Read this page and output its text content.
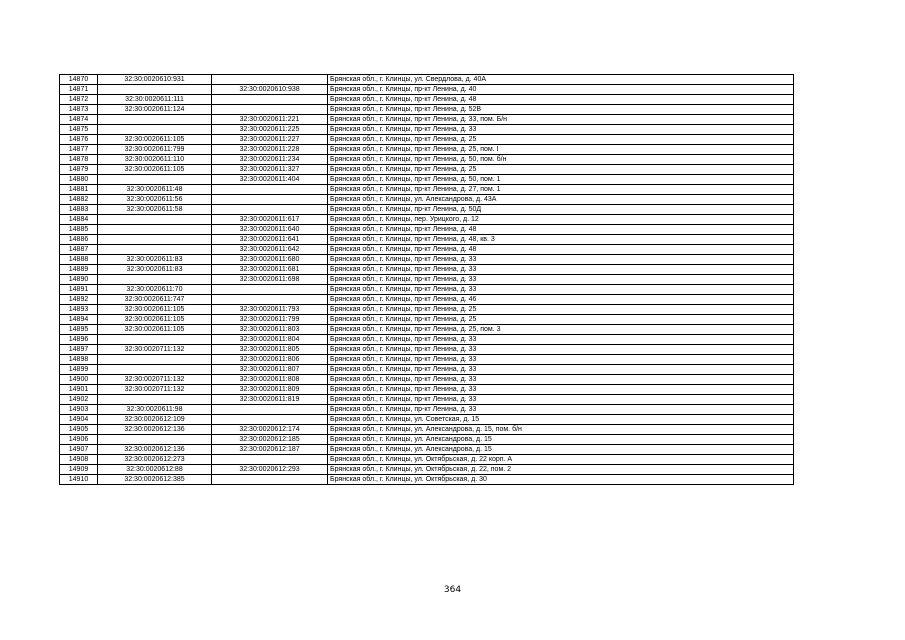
14870	32:30:0020610:931		Брянская обл., г. Клинцы, ул. Свердлова, д. 40А
14871		32:30:0020610:938	Брянская обл., г. Клинцы, пр-кт Ленина, д. 40
14872	32:30:0020611:111		Брянская обл., г. Клинцы, пр-кт Ленина, д. 48
14873	32:30:0020611:124		Брянская обл., г. Клинцы, пр-кт Ленина, д. 52В
14874		32:30:0020611:221	Брянская обл., г. Клинцы, пр-кт Ленина, д. 33, пом. Б/н
14875		32:30:0020611:225	Брянская обл., г. Клинцы, пр-кт Ленина, д. 33
14876	32:30:0020611:105	32:30:0020611:227	Брянская обл., г. Клинцы, пр-кт Ленина, д. 25
14877	32:30:0020611:799	32:30:0020611:228	Брянская обл., г. Клинцы, пр-кт Ленина, д. 25, пом. I
14878	32:30:0020611:110	32:30:0020611:234	Брянская обл., г. Клинцы, пр-кт Ленина, д. 50, пом. б/н
14879	32:30:0020611:105	32:30:0020611:327	Брянская обл., г. Клинцы, пр-кт Ленина, д. 25
14880		32:30:0020611:404	Брянская обл., г. Клинцы, пр-кт Ленина, д. 50, пом. 1
14881	32:30:0020611:48		Брянская обл., г. Клинцы, пр-кт Ленина, д. 27, пом. 1
14882	32:30:0020611:56		Брянская обл., г. Клинцы, ул. Александрова, д. 43А
14883	32:30:0020611:58		Брянская обл., г. Клинцы, пр-кт Ленина, д. 50Д
14884		32:30:0020611:617	Брянская обл., г. Клинцы, пер. Урицкого, д. 12
14885		32:30:0020611:640	Брянская обл., г. Клинцы, пр-кт Ленина, д. 48
14886		32:30:0020611:641	Брянская обл., г. Клинцы, пр-кт Ленина, д. 48, кв. 3
14887		32:30:0020611:642	Брянская обл., г. Клинцы, пр-кт Ленина, д. 48
14888	32:30:0020611:83	32:30:0020611:680	Брянская обл., г. Клинцы, пр-кт Ленина, д. 33
14889	32:30:0020611:83	32:30:0020611:681	Брянская обл., г. Клинцы, пр-кт Ленина, д. 33
14890		32:30:0020611:698	Брянская обл., г. Клинцы, пр-кт Ленина, д. 33
14891	32:30:0020611:70		Брянская обл., г. Клинцы, пр-кт Ленина, д. 33
14892	32:30:0020611:747		Брянская обл., г. Клинцы, пр-кт Ленина, д. 46
14893	32:30:0020611:105	32:30:0020611:793	Брянская обл., г. Клинцы, пр-кт Ленина, д. 25
14894	32:30:0020611:105	32:30:0020611:799	Брянская обл., г. Клинцы, пр-кт Ленина, д. 25
14895	32:30:0020611:105	32:30:0020611:803	Брянская обл., г. Клинцы, пр-кт Ленина, д. 25, пом. 3
14896		32:30:0020611:804	Брянская обл., г. Клинцы, пр-кт Ленина, д. 33
14897	32:30:0020711:132	32:30:0020611:805	Брянская обл., г. Клинцы, пр-кт Ленина, д. 33
14898		32:30:0020611:806	Брянская обл., г. Клинцы, пр-кт Ленина, д. 33
14899		32:30:0020611:807	Брянская обл., г. Клинцы, пр-кт Ленина, д. 33
14900	32:30:0020711:132	32:30:0020611:808	Брянская обл., г. Клинцы, пр-кт Ленина, д. 33
14901	32:30:0020711:132	32:30:0020611:809	Брянская обл., г. Клинцы, пр-кт Ленина, д. 33
14902		32:30:0020611:819	Брянская обл., г. Клинцы, пр-кт Ленина, д. 33
14903	32:30:0020611:98		Брянская обл., г. Клинцы, пр-кт Ленина, д. 33
14904	32:30:0020612:109		Брянская обл., г. Клинцы, ул. Советская, д. 15
14905	32:30:0020612:136	32:30:0020612:174	Брянская обл., г. Клинцы, ул. Александрова, д. 15, пом. б/н
14906		32:30:0020612:185	Брянская обл., г. Клинцы, ул. Александрова, д. 15
14907	32:30:0020612:136	32:30:0020612:187	Брянская обл., г. Клинцы, ул. Александрова, д. 15
14908	32:30:0020612:273		Брянская обл., г. Клинцы, ул. Октябрьская, д. 22 корп. А
14909	32:30:0020612:88	32:30:0020612:293	Брянская обл., г. Клинцы, ул. Октябрьская, д. 22, пом. 2
14910	32:30:0020612:385		Брянская обл., г. Клинцы, ул. Октябрьская, д. 30
364
